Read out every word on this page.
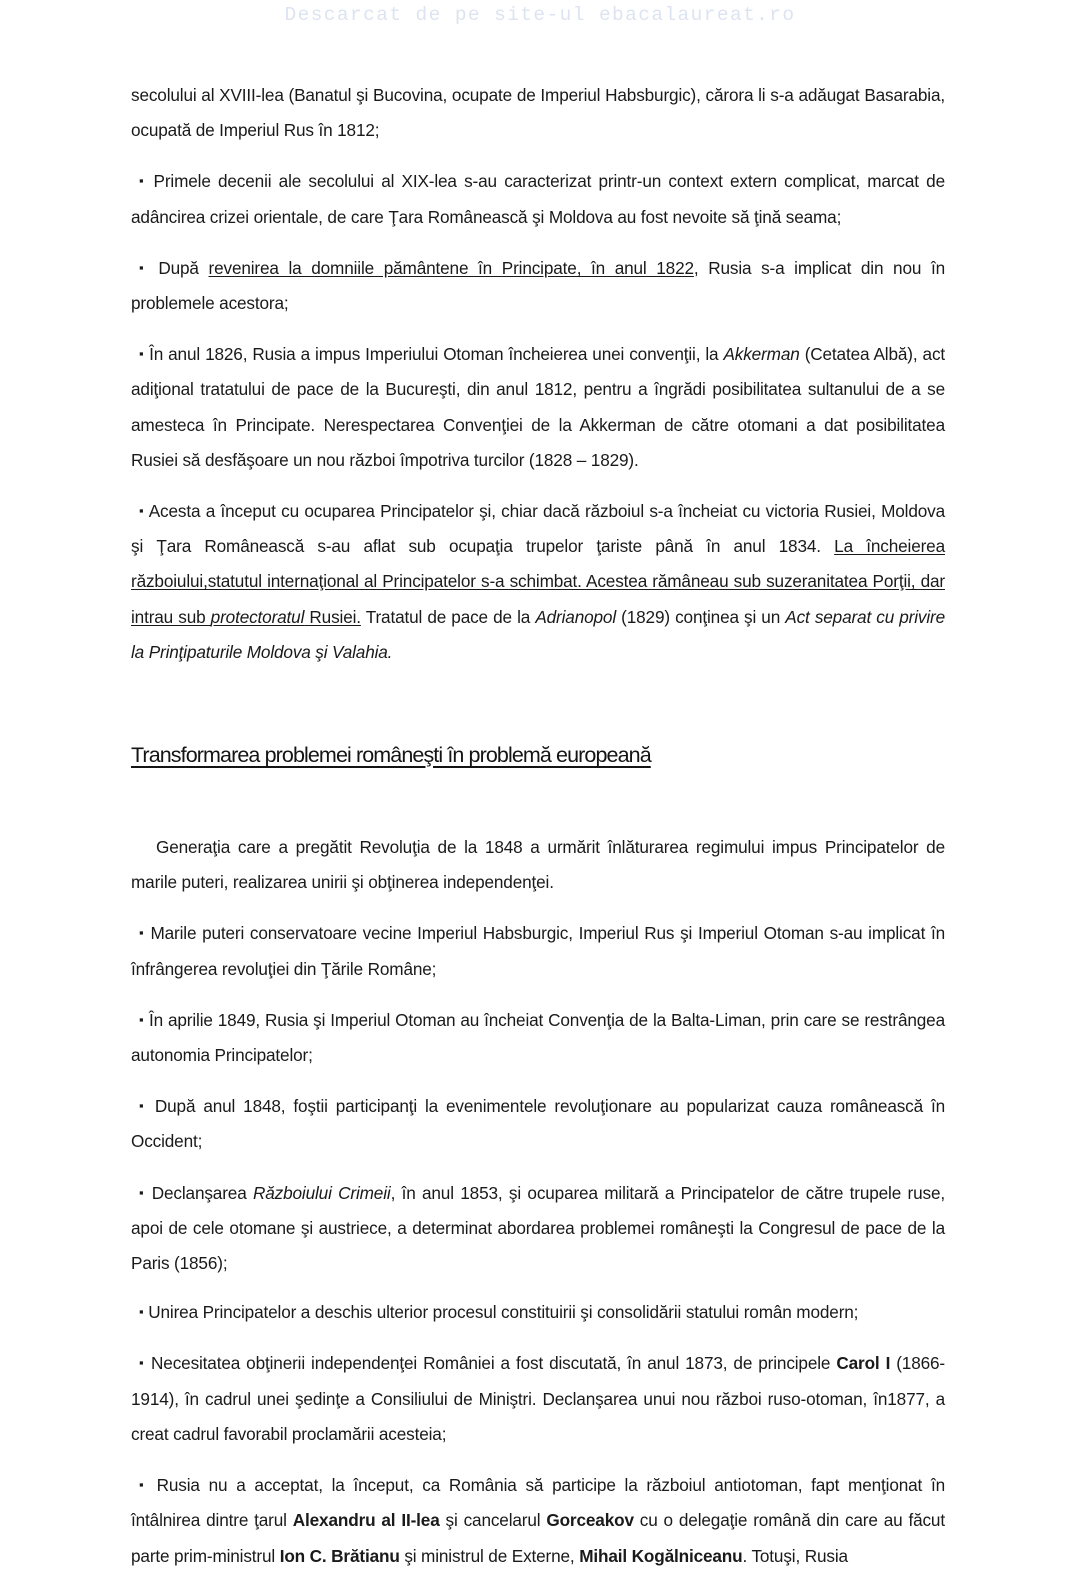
Descarcat de pe site-ul ebacalaureat.ro

secolului al XVIII-lea (Banatul şi Bucovina, ocupate de Imperiul Habsburgic), cărora li s-a adăugat Basarabia, ocupată de Imperiul Rus în 1812;

▪ Primele decenii ale secolului al XIX-lea s-au caracterizat printr-un context extern complicat, marcat de adâncirea crizei orientale, de care Ţara Românească şi Moldova au fost nevoite să ţină seama;

▪ După revenirea la domniile pământene în Principate, în anul 1822, Rusia s-a implicat din nou în problemele acestora;

▪ În anul 1826, Rusia a impus Imperiului Otoman încheierea unei convenţii, la Akkerman (Cetatea Albă), act adiţional tratatului de pace de la Bucureşti, din anul 1812, pentru a îngrădi posibilitatea sultanului de a se amesteca în Principate. Nerespectarea Convenţiei de la Akkerman de către otomani a dat posibilitatea Rusiei să desfăşoare un nou război împotriva turcilor (1828 – 1829).

▪ Acesta a început cu ocuparea Principatelor şi, chiar dacă războiul s-a încheiat cu victoria Rusiei, Moldova şi Ţara Românească s-au aflat sub ocupaţia trupelor ţariste până în anul 1834. La încheierea războiului,statutul internaţional al Principatelor s-a schimbat. Acestea rămâneau sub suzeranitatea Porţii, dar intrau sub protectoratul Rusiei. Tratatul de pace de la Adrianopol (1829) conţinea şi un Act separat cu privire la Prinţipaturile Moldova şi Valahia.

Transformarea problemei româneşti în problemă europeană

Generaţia care a pregătit Revoluţia de la 1848 a urmărit înlăturarea regimului impus Principatelor de marile puteri, realizarea unirii şi obţinerea independenţei.

▪ Marile puteri conservatoare vecine Imperiul Habsburgic, Imperiul Rus şi Imperiul Otoman s-au implicat în înfrângerea revoluţiei din Ţările Române;

▪ În aprilie 1849, Rusia şi Imperiul Otoman au încheiat Convenţia de la Balta-Liman, prin care se restrângea autonomia Principatelor;

▪ După anul 1848, foştii participanţi la evenimentele revoluţionare au popularizat cauza românească în Occident;

▪ Declanşarea Războiului Crimeii, în anul 1853, şi ocuparea militară a Principatelor de către trupele ruse, apoi de cele otomane şi austriece, a determinat abordarea problemei româneşti la Congresul de pace de la Paris (1856);

▪ Unirea Principatelor a deschis ulterior procesul constituirii şi consolidării statului român modern;

▪ Necesitatea obţinerii independenţei României a fost discutată, în anul 1873, de principele Carol I (1866-1914), în cadrul unei şedinţe a Consiliului de Miniştri. Declanşarea unui nou război ruso-otoman, în1877, a creat cadrul favorabil proclamării acesteia;

▪ Rusia nu a acceptat, la început, ca România să participe la războiul antiotoman, fapt menţionat în întâlnirea dintre ţarul Alexandru al II-lea şi cancelarul Gorceakov cu o delegaţie română din care au făcut parte prim-ministrul Ion C. Brătianu şi ministrul de Externe, Mihail Kogălniceanu. Totuşi, Rusia
